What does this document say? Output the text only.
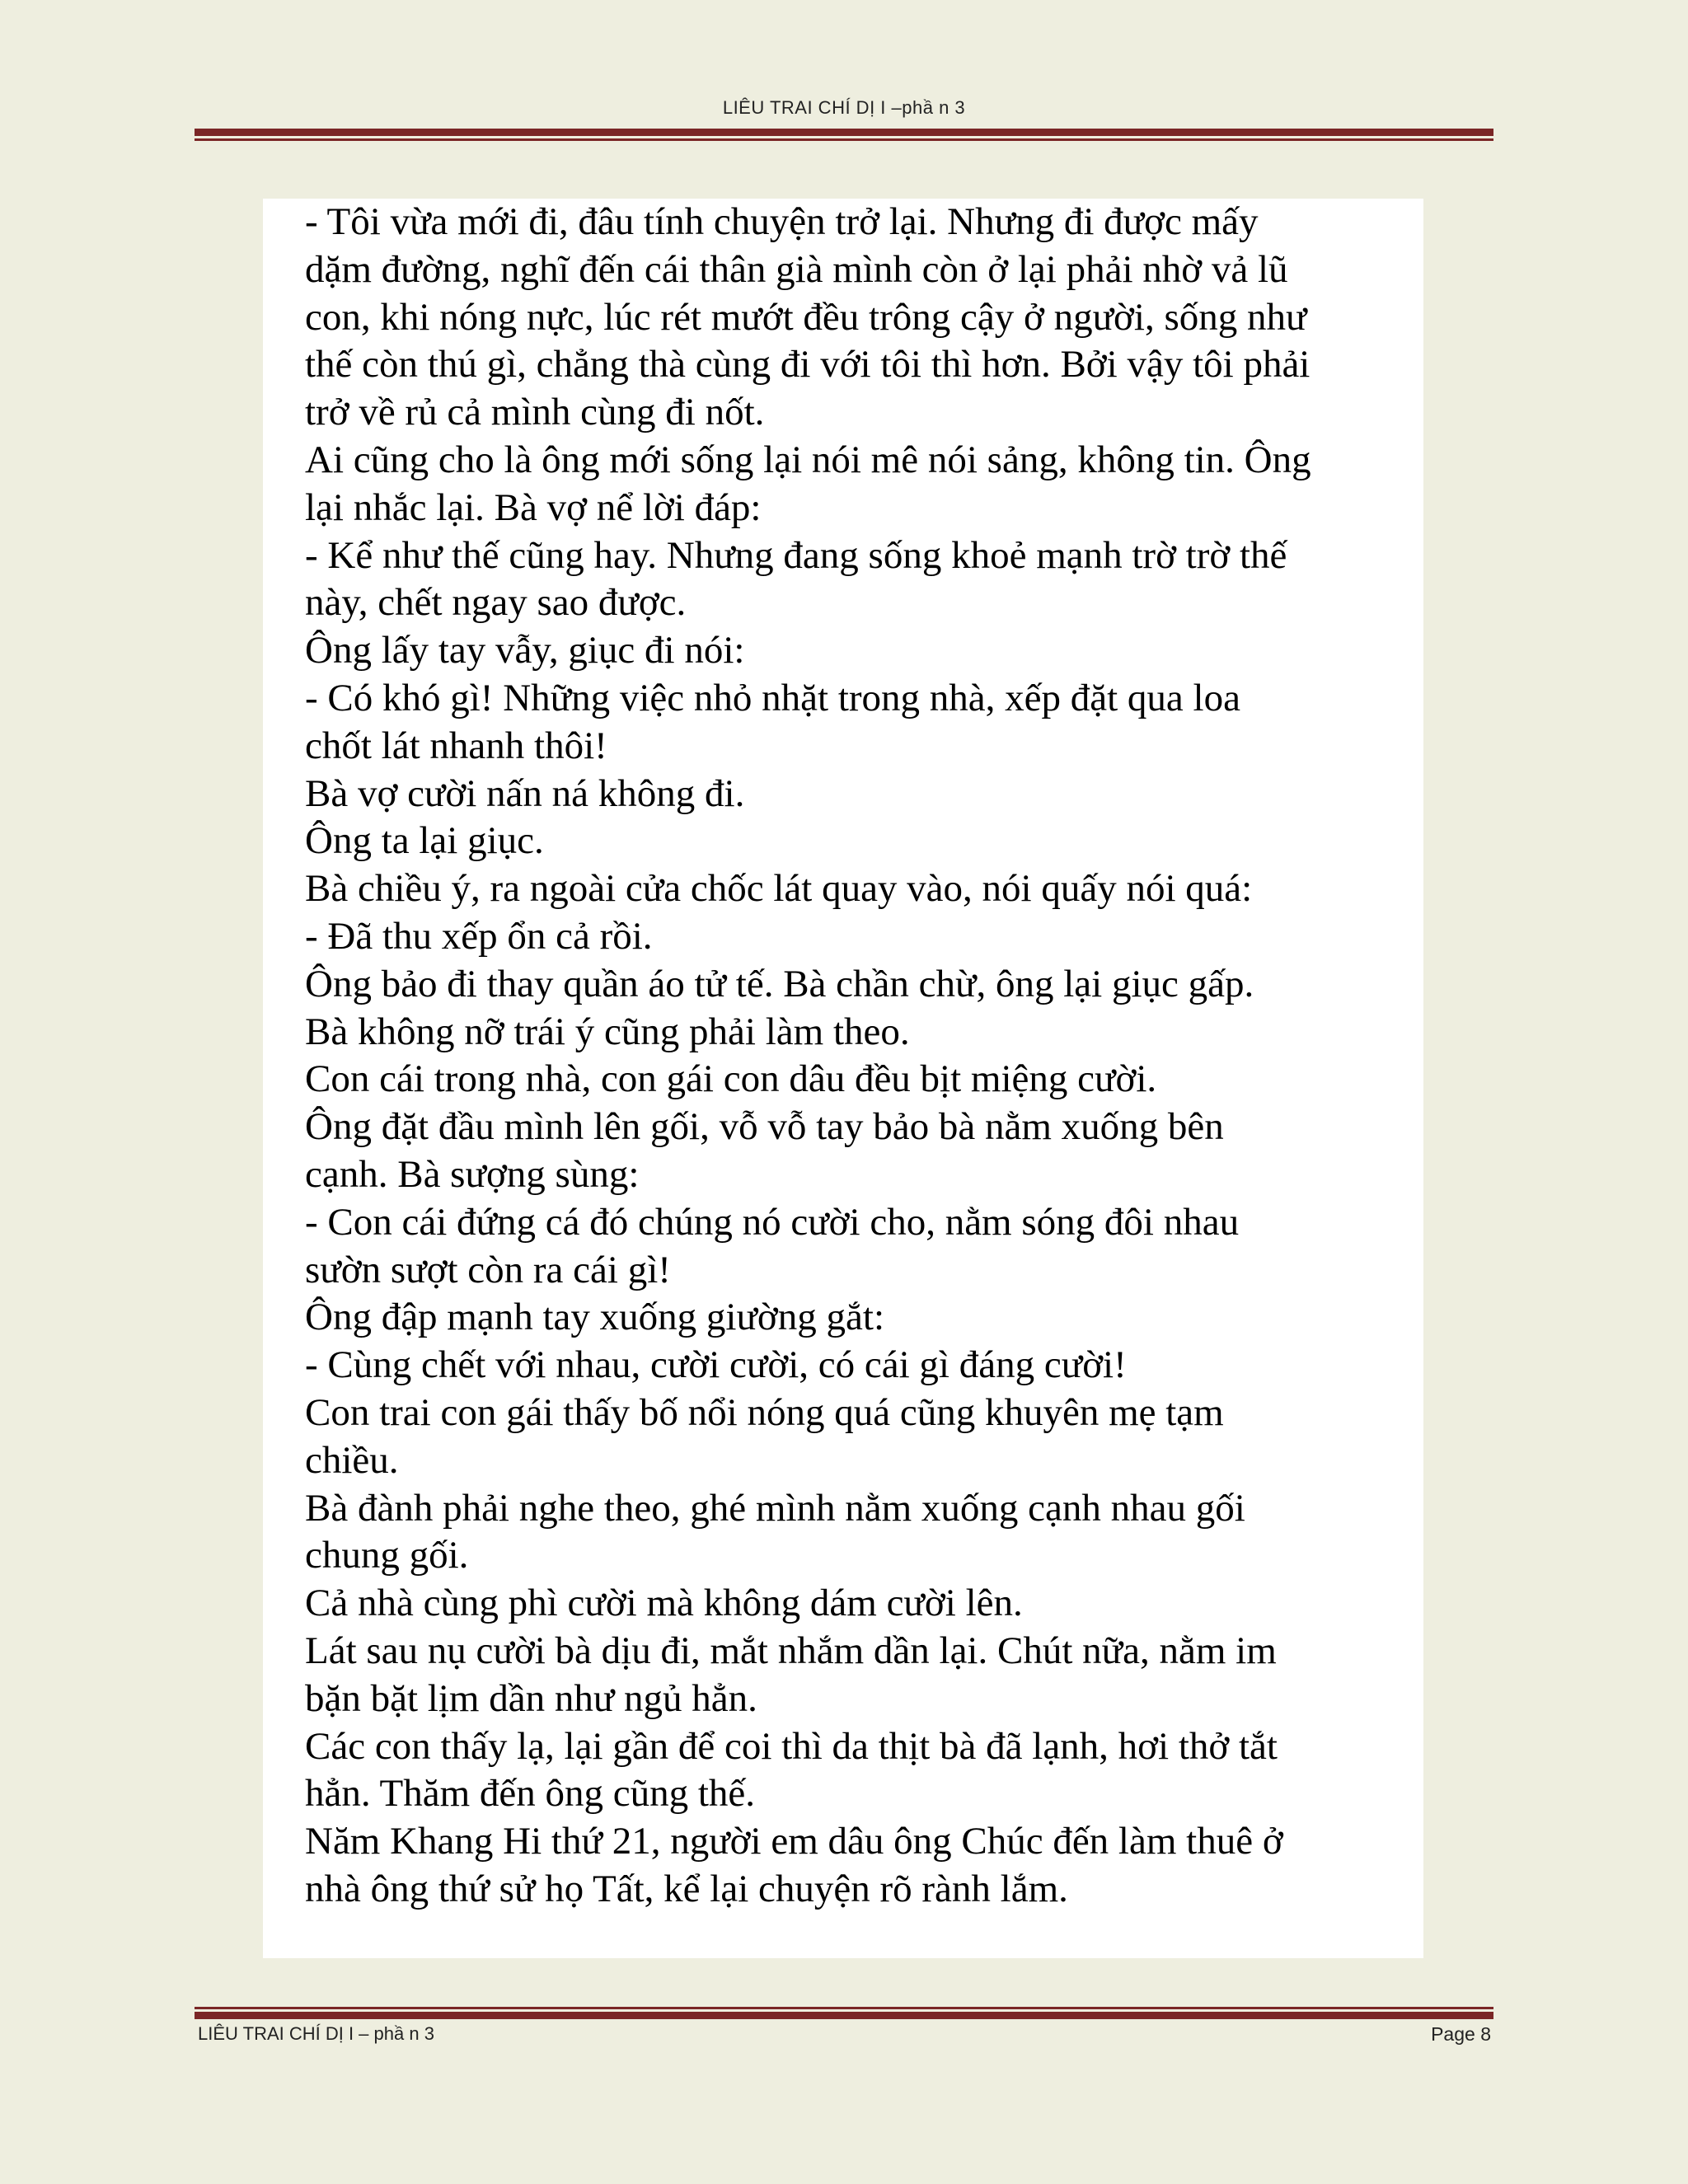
LIÊU TRAI CHÍ DỊ I –phầ n 3
- Tôi vừa mới đi, đâu tính chuyện trở lại. Nhưng đi được mấy
dặm đường, nghĩ đến cái thân già mình còn ở lại phải nhờ vả lũ
con, khi nóng nực, lúc rét mướt đều trông cậy ở người, sống như
thế còn thú gì, chẳng thà cùng đi với tôi thì hơn. Bởi vậy tôi phải
trở về rủ cả mình cùng đi nốt.
Ai cũng cho là ông mới sống lại nói mê nói sảng, không tin. Ông
lại nhắc lại. Bà vợ nể lời đáp:
- Kể như thế cũng hay. Nhưng đang sống khoẻ mạnh trờ trờ thế
này, chết ngay sao được.
Ông lấy tay vẫy, giục đi nói:
- Có khó gì! Những việc nhỏ nhặt trong nhà, xếp đặt qua loa
chốt lát nhanh thôi!
Bà vợ cười nấn ná không đi.
Ông ta lại giục.
Bà chiều ý, ra ngoài cửa chốc lát quay vào, nói quấy nói quá:
- Đã thu xếp ổn cả rồi.
Ông bảo đi thay quần áo tử tế. Bà chần chừ, ông lại giục gấp.
Bà không nỡ trái ý cũng phải làm theo.
Con cái trong nhà, con gái con dâu đều bịt miệng cười.
Ông đặt đầu mình lên gối, vỗ vỗ tay bảo bà nằm xuống bên
cạnh. Bà sượng sùng:
- Con cái đứng cá đó chúng nó cười cho, nằm sóng đôi nhau
sườn sượt còn ra cái gì!
Ông đập mạnh tay xuống giường gắt:
- Cùng chết với nhau, cười cười, có cái gì đáng cười!
Con trai con gái thấy bố nổi nóng quá cũng khuyên mẹ tạm
chiều.
Bà đành phải nghe theo, ghé mình nằm xuống cạnh nhau gối
chung gối.
Cả nhà cùng phì cười mà không dám cười lên.
Lát sau nụ cười bà dịu đi, mắt nhắm dần lại. Chút nữa, nằm im
bặn bặt lịm dần như ngủ hẳn.
Các con thấy lạ, lại gần để coi thì da thịt bà đã lạnh, hơi thở tắt
hẳn. Thăm đến ông cũng thế.
Năm Khang Hi thứ 21, người em dâu ông Chúc đến làm thuê ở
nhà ông thứ sử họ Tất, kể lại chuyện rõ rành lắm.
LIÊU TRAI CHÍ DỊ I – phầ n 3	Page 8
